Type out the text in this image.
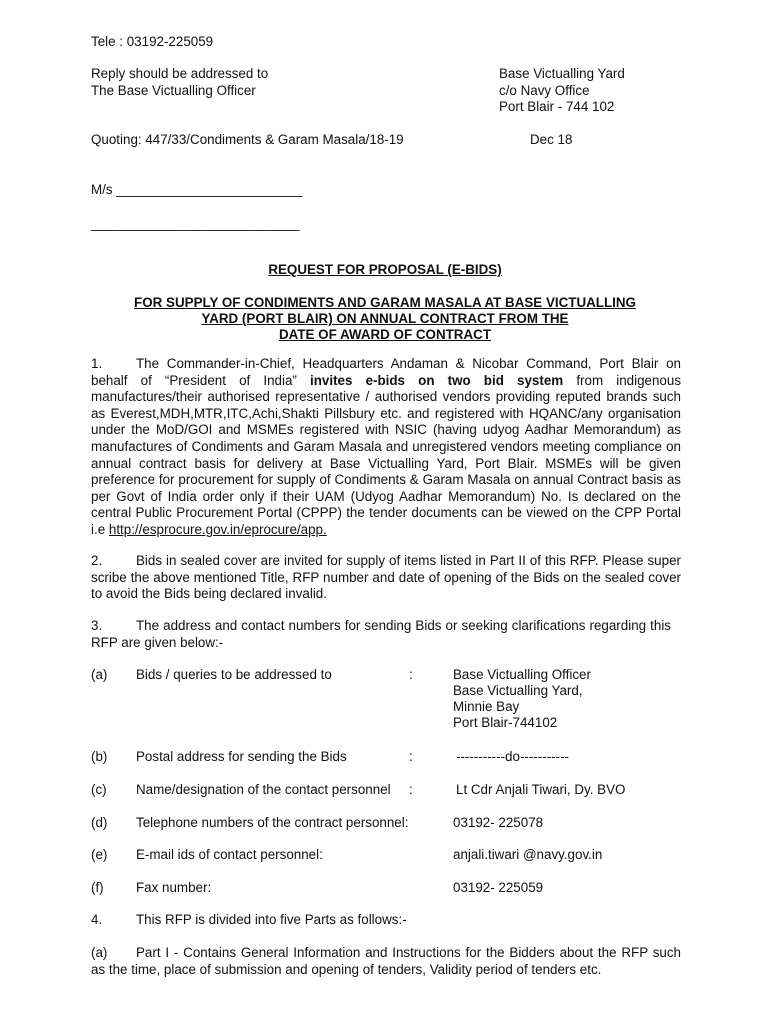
Tele : 03192-225059
Reply should be addressed to
The Base Victualling Officer
Base Victualling Yard
c/o Navy Office
Port Blair - 744 102
Quoting: 447/33/Condiments & Garam Masala/18-19	Dec 18
M/s _________________________
____________________________
REQUEST FOR PROPOSAL (E-BIDS)
FOR SUPPLY OF CONDIMENTS AND GARAM MASALA AT BASE VICTUALLING
YARD (PORT BLAIR) ON ANNUAL CONTRACT FROM THE
DATE OF AWARD OF CONTRACT
1.	The Commander-in-Chief, Headquarters Andaman & Nicobar Command, Port Blair on behalf of “President of India” invites e-bids on two bid system from indigenous manufactures/their authorised representative / authorised vendors providing reputed brands such as Everest,MDH,MTR,ITC,Achi,Shakti Pillsbury etc. and registered with HQANC/any organisation under the MoD/GOI and MSMEs registered with NSIC (having udyog Aadhar Memorandum) as manufactures of Condiments and Garam Masala and unregistered vendors meeting compliance on annual contract basis for delivery at Base Victualling Yard, Port Blair. MSMEs will be given preference for procurement for supply of Condiments & Garam Masala on annual Contract basis as per Govt of India order only if their UAM (Udyog Aadhar Memorandum) No. Is declared on the central Public Procurement Portal (CPPP) the tender documents can be viewed on the CPP Portal i.e http://esprocure.gov.in/eprocure/app.
2.	Bids in sealed cover are invited for supply of items listed in Part II of this RFP. Please super scribe the above mentioned Title, RFP number and date of opening of the Bids on the sealed cover to avoid the Bids being declared invalid.
3.	The address and contact numbers for sending Bids or seeking clarifications regarding this RFP are given below:-
(a) Bids / queries to be addressed to	:	Base Victualling Officer
Base Victualling Yard,
Minnie Bay
Port Blair-744102
(b) Postal address for sending the Bids	:	-----------do-----------
(c) Name/designation of the contact personnel :	Lt Cdr Anjali Tiwari, Dy. BVO
(d) Telephone numbers of the contract personnel:	03192- 225078
(e) E-mail ids of contact personnel:	anjali.tiwari @navy.gov.in
(f) Fax number:	03192- 225059
4.	This RFP is divided into five Parts as follows:-
(a) Part I - Contains General Information and Instructions for the Bidders about the RFP such as the time, place of submission and opening of tenders, Validity period of tenders etc.
